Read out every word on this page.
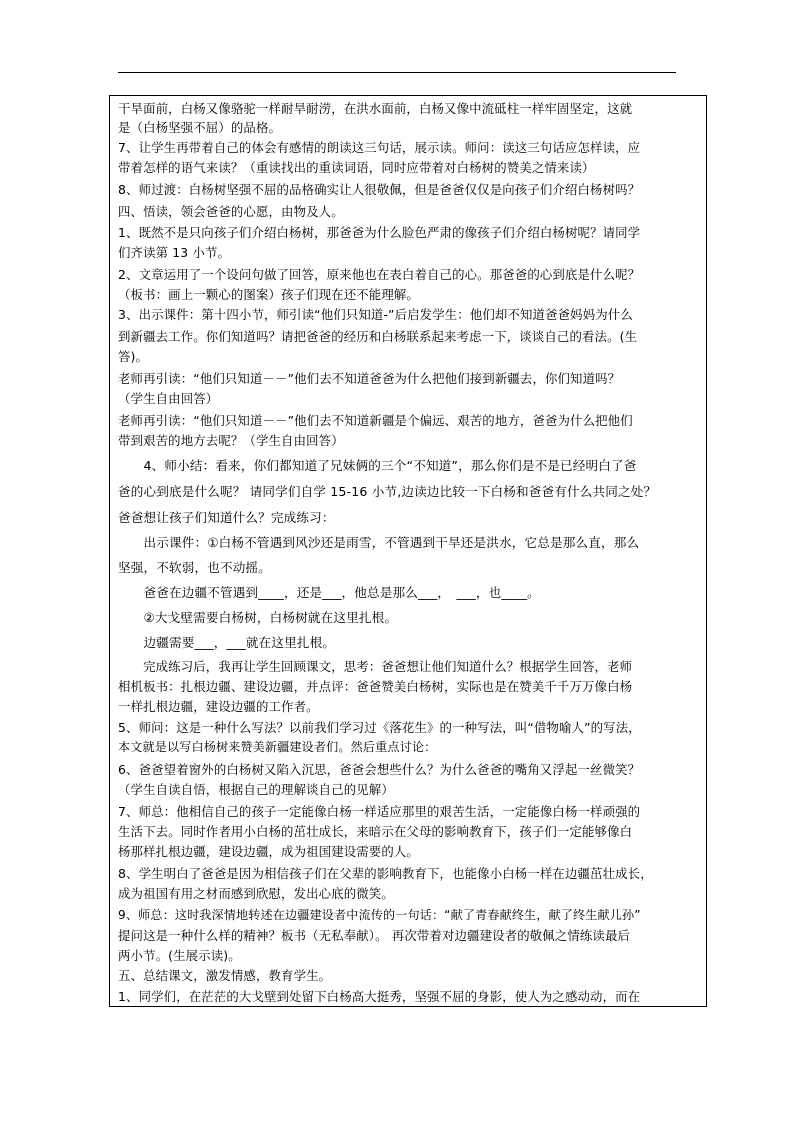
干旱面前，白杨又像骆驼一样耐旱耐涝，在洪水面前，白杨又像中流砥柱一样牢固坚定，这就
是（白杨坚强不屈）的品格。
7、让学生再带着自己的体会有感情的朗读这三句话，展示读。师问：读这三句话应怎样读，应
带着怎样的语气来读？（重读找出的重读词语，同时应带着对白杨树的赞美之情来读）
8、师过渡：白杨树坚强不屈的品格确实让人很敬佩，但是爸爸仅仅是向孩子们介绍白杨树吗？
四、悟读，领会爸爸的心愿，由物及人。
1、既然不是只向孩子们介绍白杨树，那爸爸为什么脸色严肃的像孩子们介绍白杨树呢？请同学
们齐读第 13 小节。
2、文章运用了一个设问句做了回答，原来他也在表白着自己的心。那爸爸的心到底是什么呢？
（板书：画上一颗心的图案）孩子们现在还不能理解。
3、出示课件：第十四小节，师引读“他们只知道-”后启发学生：他们却不知道爸爸妈妈为什么
到新疆去工作。你们知道吗？请把爸爸的经历和白杨联系起来考虑一下，谈谈自己的看法。(生
答)。
老师再引读：“他们只知道－－”他们去不知道爸爸为什么把他们接到新疆去，你们知道吗？
（学生自由回答）
老师再引读：“他们只知道－－”他们去不知道新疆是个偏远、艰苦的地方，爸爸为什么把他们
带到艰苦的地方去呢？（学生自由回答）
　　4、师小结：看来，你们都知道了兄妹俩的三个“不知道”，那么你们是不是已经明白了爸
爸的心到底是什么呢？ 请同学们自学 15-16 小节,边读边比较一下白杨和爸爸有什么共同之处？
爸爸想让孩子们知道什么？完成练习：
　　出示课件：①白杨不管遇到风沙还是雨雪，不管遇到干旱还是洪水，它总是那么直，那么
坚强，不软弱，也不动摇。
　　爸爸在边疆不管遇到____，还是___，他总是那么___，　___，也____。
　　②大戈壁需要白杨树，白杨树就在这里扎根。
　　边疆需要___，___就在这里扎根。
　　完成练习后，我再让学生回顾课文，思考：爸爸想让他们知道什么？根据学生回答，老师
相机板书：扎根边疆、建设边疆，并点评：爸爸赞美白杨树，实际也是在赞美千千万万像白杨
一样扎根边疆，建设边疆的工作者。
5、师问：这是一种什么写法？以前我们学习过《落花生》的一种写法，叫“借物喻人”的写法，
本文就是以写白杨树来赞美新疆建设者们。然后重点讨论：
6、爸爸望着窗外的白杨树又陷入沉思，爸爸会想些什么？为什么爸爸的嘴角又浮起一丝微笑？
（学生自读自悟，根据自己的理解谈自己的见解）
7、师总：他相信自己的孩子一定能像白杨一样适应那里的艰苦生活，一定能像白杨一样顽强的
生活下去。同时作者用小白杨的茁壮成长，来暗示在父母的影响教育下，孩子们一定能够像白
杨那样扎根边疆，建设边疆，成为祖国建设需要的人。
8、学生明白了爸爸是因为相信孩子们在父辈的影响教育下，也能像小白杨一样在边疆茁壮成长，
成为祖国有用之材而感到欣慰，发出心底的微笑。
9、师总：这时我深情地转述在边疆建设者中流传的一句话：“献了青春献终生，献了终生献儿孙”
提问这是一种什么样的精神？板书（无私奉献）。 再次带着对边疆建设者的敬佩之情练读最后
两小节。(生展示读)。
五、总结课文，激发情感，教育学生。
1、同学们，在茫茫的大戈壁到处留下白杨高大挺秀，坚强不屈的身影，使人为之感动动，而在
